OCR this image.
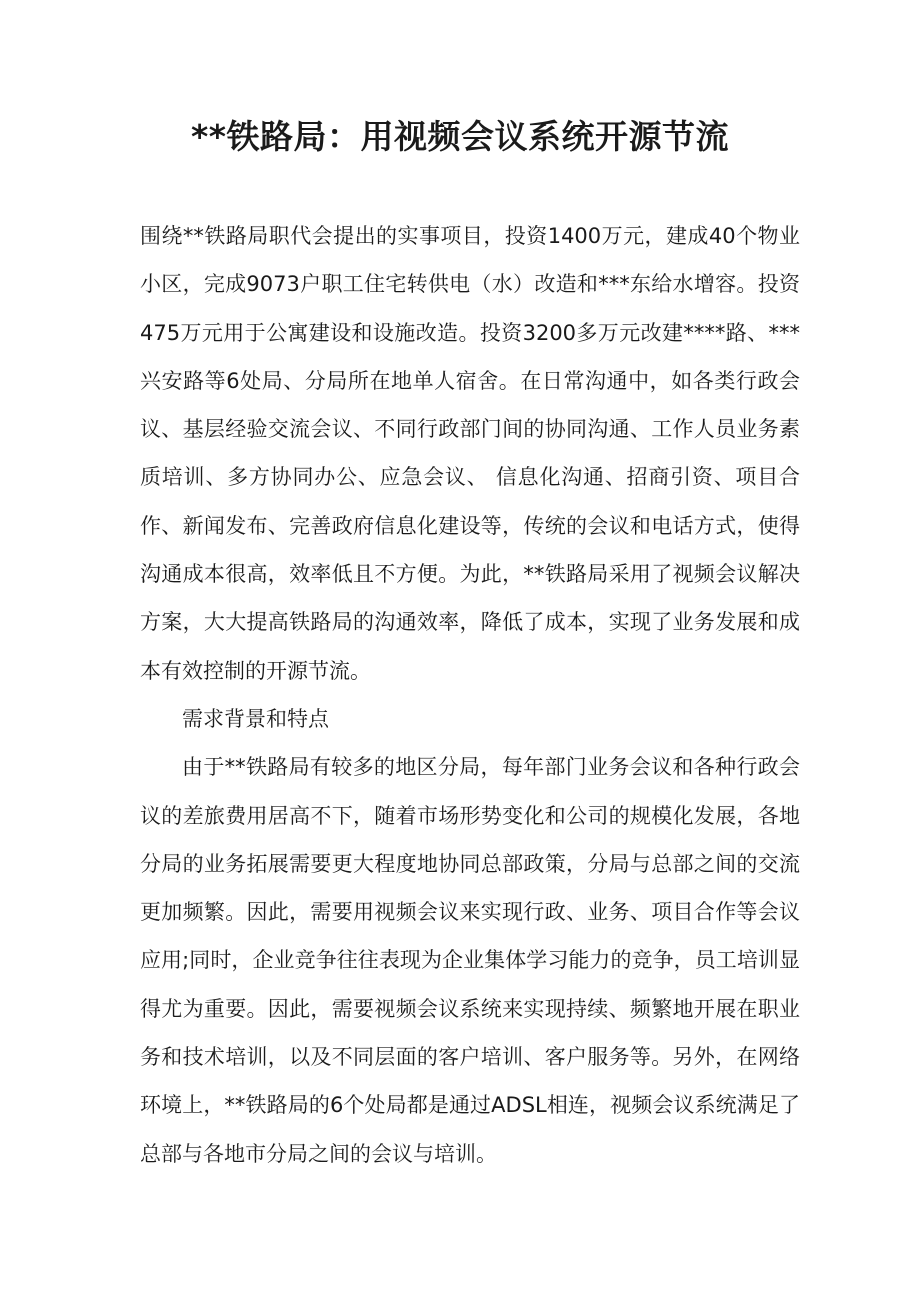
**铁路局：用视频会议系统开源节流

围绕**铁路局职代会提出的实事项目，投资1400万元，建成40个物业小区，完成9073户职工住宅转供电（水）改造和***东给水增容。投资475万元用于公寓建设和设施改造。投资3200多万元改建****路、***兴安路等6处局、分局所在地单人宿舍。在日常沟通中，如各类行政会议、基层经验交流会议、不同行政部门间的协同沟通、工作人员业务素质培训、多方协同办公、应急会议、 信息化沟通、招商引资、项目合作、新闻发布、完善政府信息化建设等，传统的会议和电话方式，使得沟通成本很高，效率低且不方便。为此，**铁路局采用了视频会议解决方案，大大提高铁路局的沟通效率，降低了成本，实现了业务发展和成本有效控制的开源节流。

需求背景和特点

由于**铁路局有较多的地区分局，每年部门业务会议和各种行政会议的差旅费用居高不下，随着市场形势变化和公司的规模化发展，各地分局的业务拓展需要更大程度地协同总部政策，分局与总部之间的交流更加频繁。因此，需要用视频会议来实现行政、业务、项目合作等会议应用;同时，企业竞争往往表现为企业集体学习能力的竞争，员工培训显得尤为重要。因此，需要视频会议系统来实现持续、频繁地开展在职业务和技术培训，以及不同层面的客户培训、客户服务等。另外，在网络环境上，**铁路局的6个处局都是通过ADSL相连，视频会议系统满足了总部与各地市分局之间的会议与培训。
